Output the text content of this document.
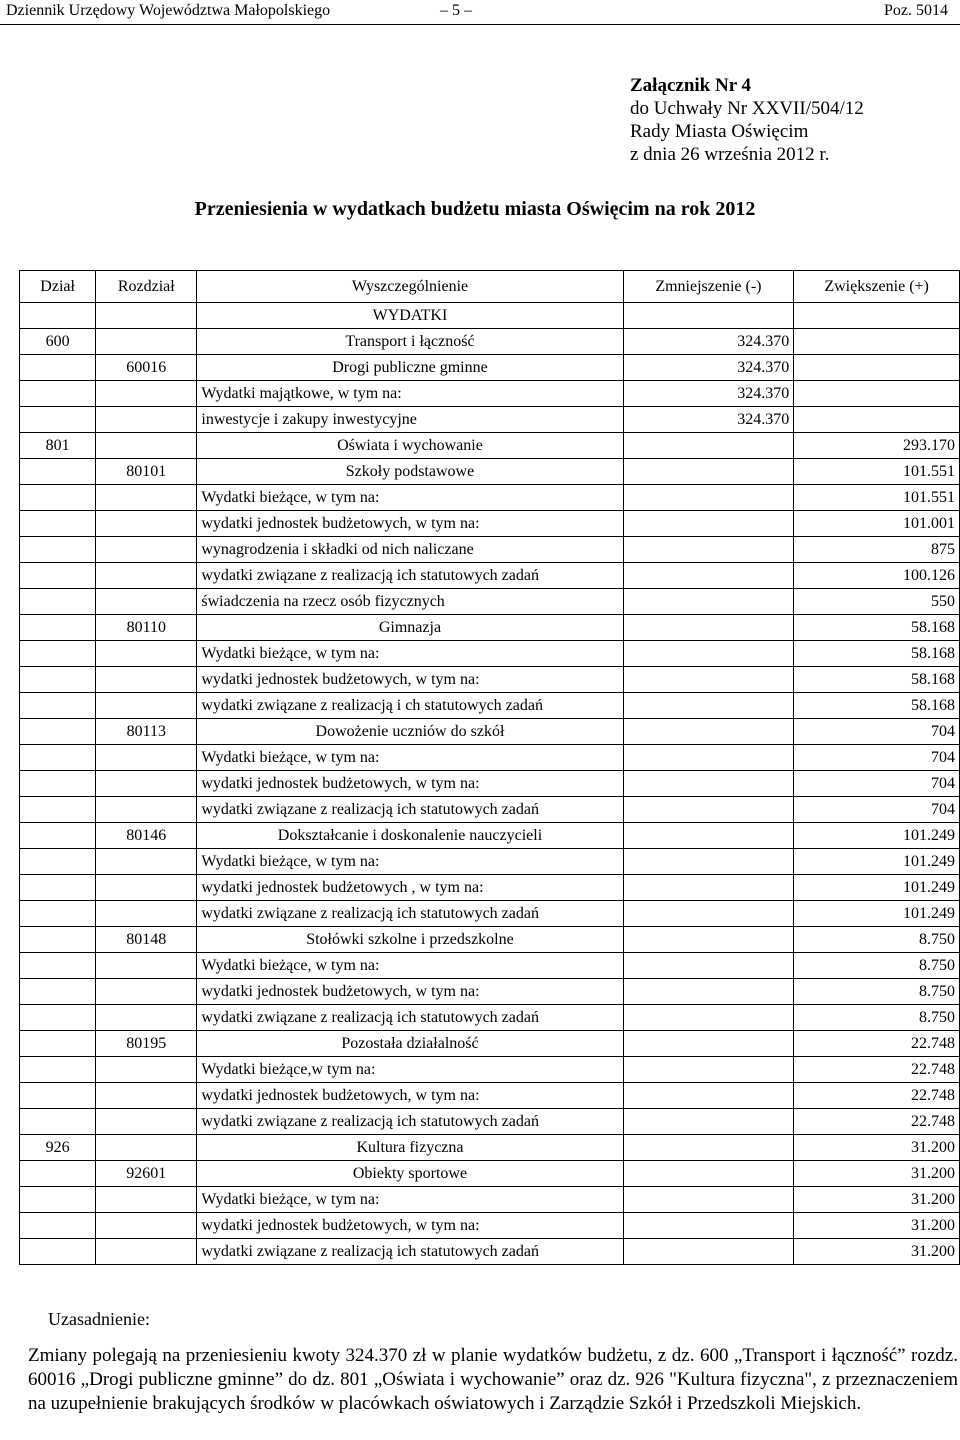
Dziennik Urzędowy Województwa Małopolskiego	– 5 –	Poz. 5014
Załącznik Nr 4
do Uchwały Nr XXVII/504/12
Rady Miasta Oświęcim
z dnia 26 września 2012 r.
Przeniesienia w wydatkach budżetu miasta Oświęcim na rok 2012
Dział	Rozdział	Wyszczególnienie	Zmniejszenie (-)	Zwiększenie (+)
		WYDATKI		
600		Transport i łączność	324.370	
	60016	Drogi publiczne gminne	324.370	
		Wydatki majątkowe, w tym na:	324.370	
		inwestycje i zakupy inwestycyjne	324.370	
801		Oświata i wychowanie		293.170
	80101	Szkoły podstawowe		101.551
		Wydatki bieżące, w tym na:		101.551
		wydatki jednostek budżetowych, w tym na:		101.001
		wynagrodzenia i składki od nich naliczane		875
		wydatki związane z realizacją ich statutowych zadań		100.126
		świadczenia na rzecz osób fizycznych		550
	80110	Gimnazja		58.168
		Wydatki bieżące, w tym na:		58.168
		wydatki jednostek budżetowych, w tym na:		58.168
		wydatki związane z realizacją i ch statutowych zadań		58.168
	80113	Dowożenie uczniów do szkół		704
		Wydatki bieżące, w tym na:		704
		wydatki jednostek budżetowych, w tym na:		704
		wydatki związane z realizacją ich statutowych zadań		704
	80146	Dokształcanie i doskonalenie nauczycieli		101.249
		Wydatki bieżące, w tym na:		101.249
		wydatki jednostek budżetowych , w tym na:		101.249
		wydatki związane z realizacją ich statutowych zadań		101.249
	80148	Stołówki szkolne i przedszkolne		8.750
		Wydatki bieżące, w tym na:		8.750
		wydatki jednostek budżetowych, w tym na:		8.750
		wydatki związane z realizacją ich statutowych zadań		8.750
	80195	Pozostała działalność		22.748
		Wydatki bieżące,w tym na:		22.748
		wydatki jednostek budżetowych, w tym na:		22.748
		wydatki związane z realizacją ich statutowych zadań		22.748
926		Kultura fizyczna		31.200
	92601	Obiekty sportowe		31.200
		Wydatki bieżące, w tym na:		31.200
		wydatki jednostek budżetowych, w tym na:		31.200
		wydatki związane z realizacją ich statutowych zadań		31.200
Uzasadnienie:
Zmiany polegają na przeniesieniu kwoty 324.370 zł w planie wydatków budżetu, z dz. 600 „Transport i łączność” rozdz. 60016 „Drogi publiczne gminne” do dz. 801 „Oświata i wychowanie” oraz dz. 926 "Kultura fizyczna", z przeznaczeniem na uzupełnienie brakujących środków w placówkach oświatowych i Zarządzie Szkół i Przedszkoli Miejskich.
